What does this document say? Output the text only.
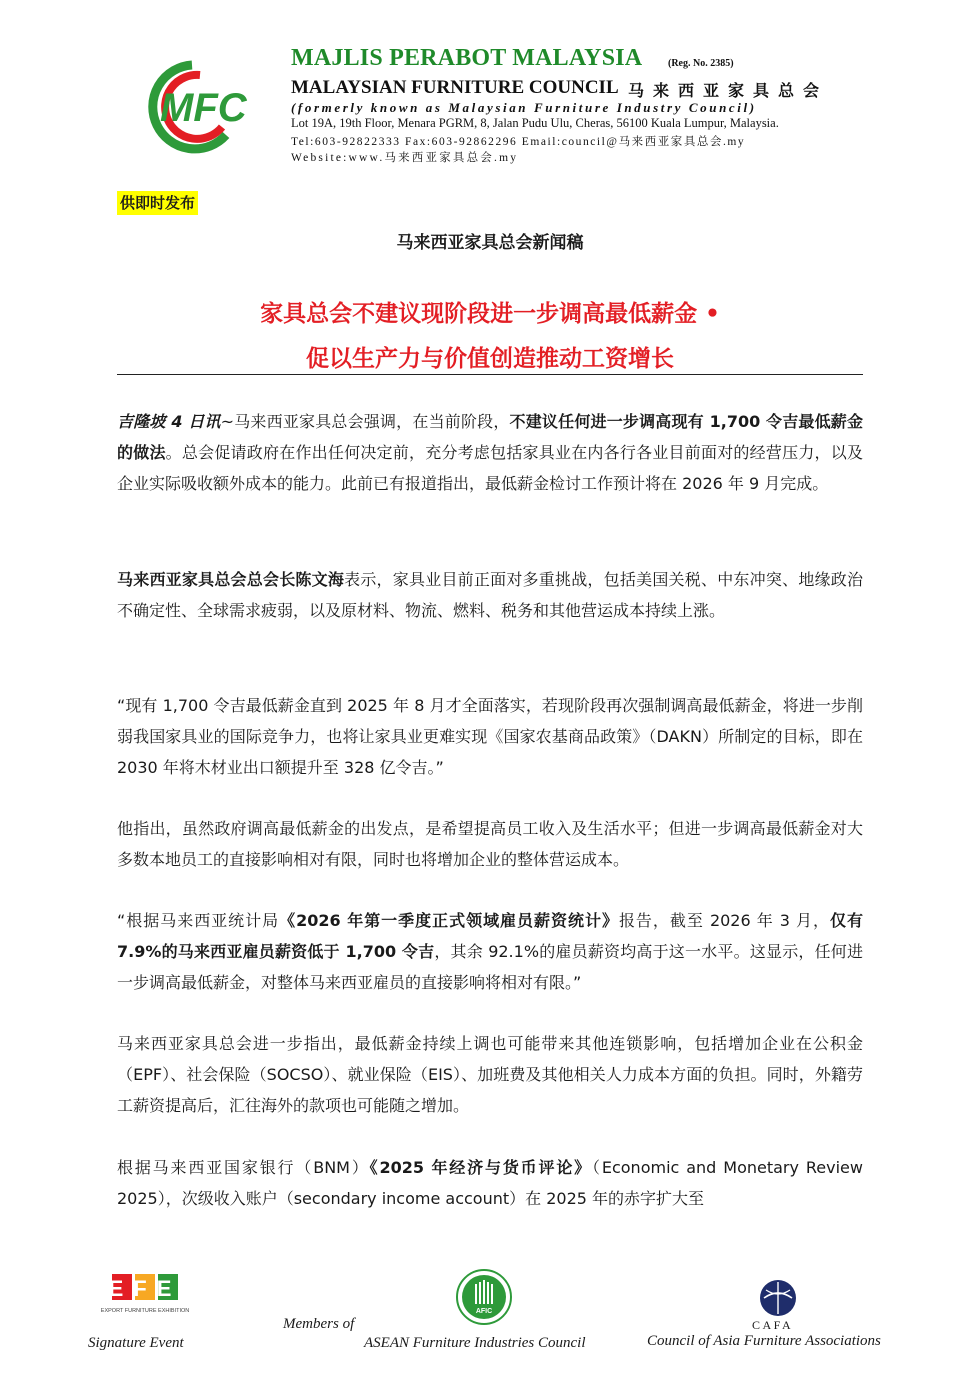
MFC
MAJLIS PERABOT MALAYSIA	(Reg. No. 2385)
MALAYSIAN FURNITURE COUNCIL 马来西亚家具总会
(formerly known as Malaysian Furniture Industry Council)
Lot 19A, 19th Floor, Menara PGRM, 8, Jalan Pudu Ulu, Cheras, 56100 Kuala Lumpur, Malaysia.
Tel:603-92822333 Fax:603-92862296 Email:council@马来西亚家具总会.my
Website:www.马来西亚家具总会.my
供即时发布
马来西亚家具总会新闻稿
家具总会不建议现阶段进一步调高最低薪金 •
促以生产力与价值创造推动工资增长
吉隆坡 4 日讯~马来西亚家具总会强调，在当前阶段，不建议任何进一步调高现有 1,700 令吉最低薪金的做法。总会促请政府在作出任何决定前，充分考虑包括家具业在内各行各业目前面对的经营压力，以及企业实际吸收额外成本的能力。此前已有报道指出，最低薪金检讨工作预计将在 2026 年 9 月完成。
马来西亚家具总会总会长陈文海表示，家具业目前正面对多重挑战，包括美国关税、中东冲突、地缘政治不确定性、全球需求疲弱，以及原材料、物流、燃料、税务和其他营运成本持续上涨。
“现有 1,700 令吉最低薪金直到 2025 年 8 月才全面落实，若现阶段再次强制调高最低薪金，将进一步削弱我国家具业的国际竞争力，也将让家具业更难实现《国家农基商品政策》（DAKN）所制定的目标，即在 2030 年将木材业出口额提升至 328 亿令吉。”
他指出，虽然政府调高最低薪金的出发点，是希望提高员工收入及生活水平；但进一步调高最低薪金对大多数本地员工的直接影响相对有限，同时也将增加企业的整体营运成本。
“根据马来西亚统计局《2026 年第一季度正式领域雇员薪资统计》报告，截至 2026 年 3 月，仅有 7.9%的马来西亚雇员薪资低于 1,700 令吉，其余 92.1%的雇员薪资均高于这一水平。这显示，任何进一步调高最低薪金，对整体马来西亚雇员的直接影响将相对有限。”
马来西亚家具总会进一步指出，最低薪金持续上调也可能带来其他连锁影响，包括增加企业在公积金（EPF）、社会保险（SOCSO）、就业保险（EIS）、加班费及其他相关人力成本方面的负担。同时，外籍劳工薪资提高后，汇往海外的款项也可能随之增加。
根据马来西亚国家银行（BNM）《2025 年经济与货币评论》（Economic and Monetary Review 2025），次级收入账户（secondary income account）在 2025 年的赤字扩大至
EFE
EXPORT FURNITURE EXHIBITION
Signature Event
Members of
AFIC
ASEAN Furniture Industries Council
CAFA
Council of Asia Furniture Associations
